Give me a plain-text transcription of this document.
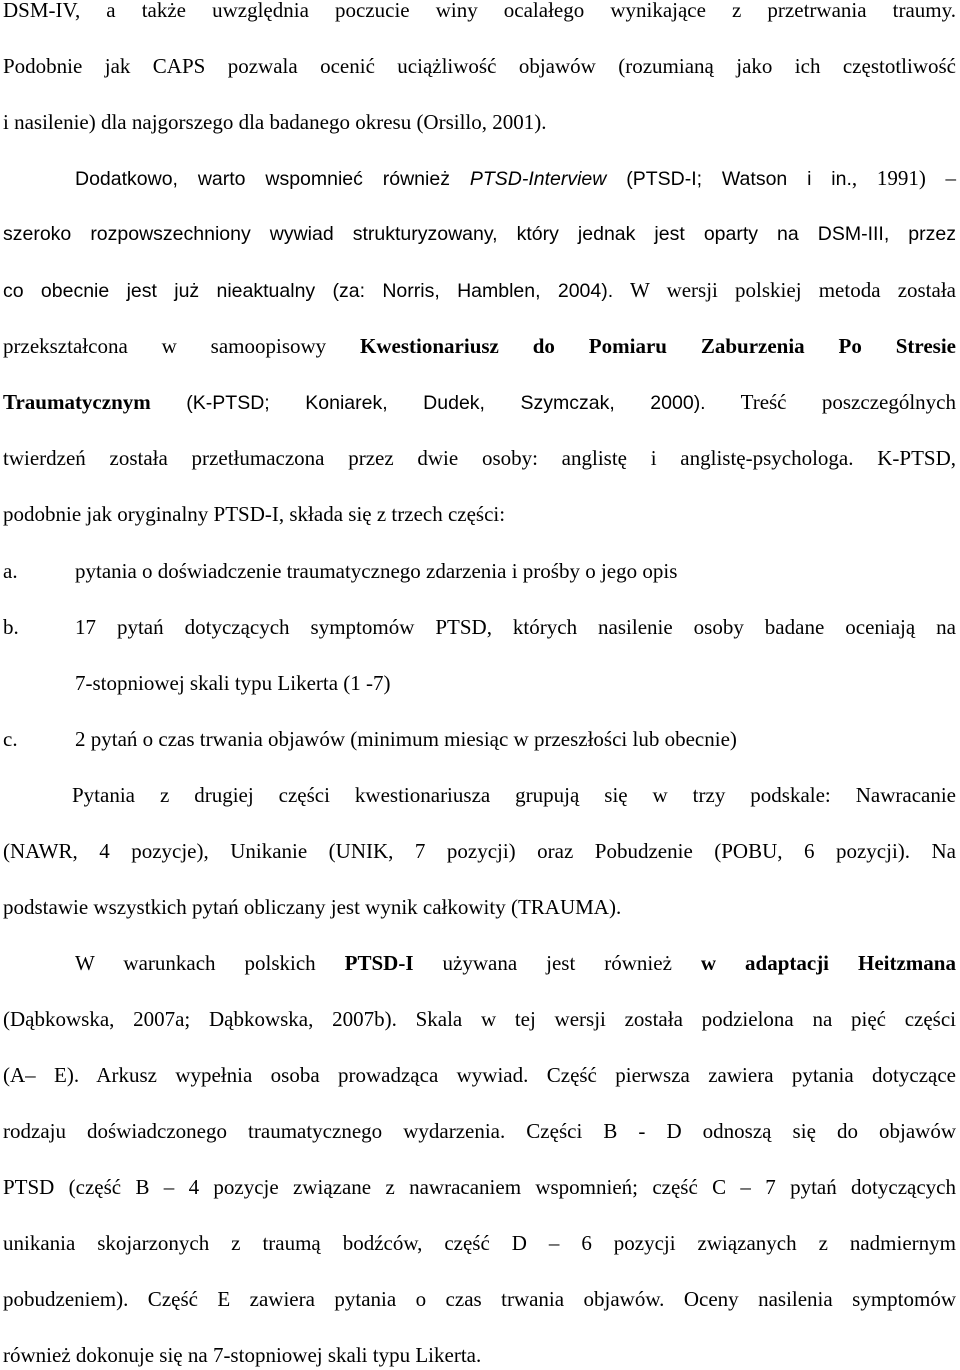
DSM-IV, a także uwzględnia poczucie winy ocalałego wynikające z przetrwania traumy.
Podobnie jak CAPS pozwala ocenić uciążliwość objawów (rozumianą jako ich częstotliwość
i nasilenie) dla najgorszego dla badanego okresu (Orsillo, 2001).
Dodatkowo, warto wspomnieć również PTSD-Interview (PTSD-I; Watson i in., 1991) –
szeroko rozpowszechniony wywiad strukturyzowany, który jednak jest oparty na DSM-III, przez
co obecnie jest już nieaktualny (za: Norris, Hamblen, 2004). W wersji polskiej metoda została
przekształcona w samoopisowy Kwestionariusz do Pomiaru Zaburzenia Po Stresie
Traumatycznym (K-PTSD; Koniarek, Dudek, Szymczak, 2000). Treść poszczególnych
twierdzeń została przetłumaczona przez dwie osoby: anglistę i anglistę-psychologa. K-PTSD,
podobnie jak oryginalny PTSD-I, składa się z trzech części:
a.	pytania o doświadczenie traumatycznego zdarzenia i prośby o jego opis
b.	17 pytań dotyczących symptomów PTSD, których nasilenie osoby badane oceniają na
7-stopniowej skali typu Likerta (1 -7)
c.	2 pytań o czas trwania objawów (minimum miesiąc w przeszłości lub obecnie)
Pytania z drugiej części kwestionariusza grupują się w trzy podskale: Nawracanie
(NAWR, 4 pozycje), Unikanie (UNIK, 7 pozycji) oraz Pobudzenie (POBU, 6 pozycji). Na
podstawie wszystkich pytań obliczany jest wynik całkowity (TRAUMA).
W warunkach polskich PTSD-I używana jest również w adaptacji Heitzmana
(Dąbkowska, 2007a; Dąbkowska, 2007b). Skala w tej wersji została podzielona na pięć części
(A– E). Arkusz wypełnia osoba prowadząca wywiad. Część pierwsza zawiera pytania dotyczące
rodzaju doświadczonego traumatycznego wydarzenia. Części B - D odnoszą się do objawów
PTSD (część B – 4 pozycje związane z nawracaniem wspomnień; część C – 7 pytań dotyczących
unikania skojarzonych z traumą bodźców, część D – 6 pozycji związanych z nadmiernym
pobudzeniem). Część E zawiera pytania o czas trwania objawów. Oceny nasilenia symptomów
również dokonuje się na 7-stopniowej skali typu Likerta.
